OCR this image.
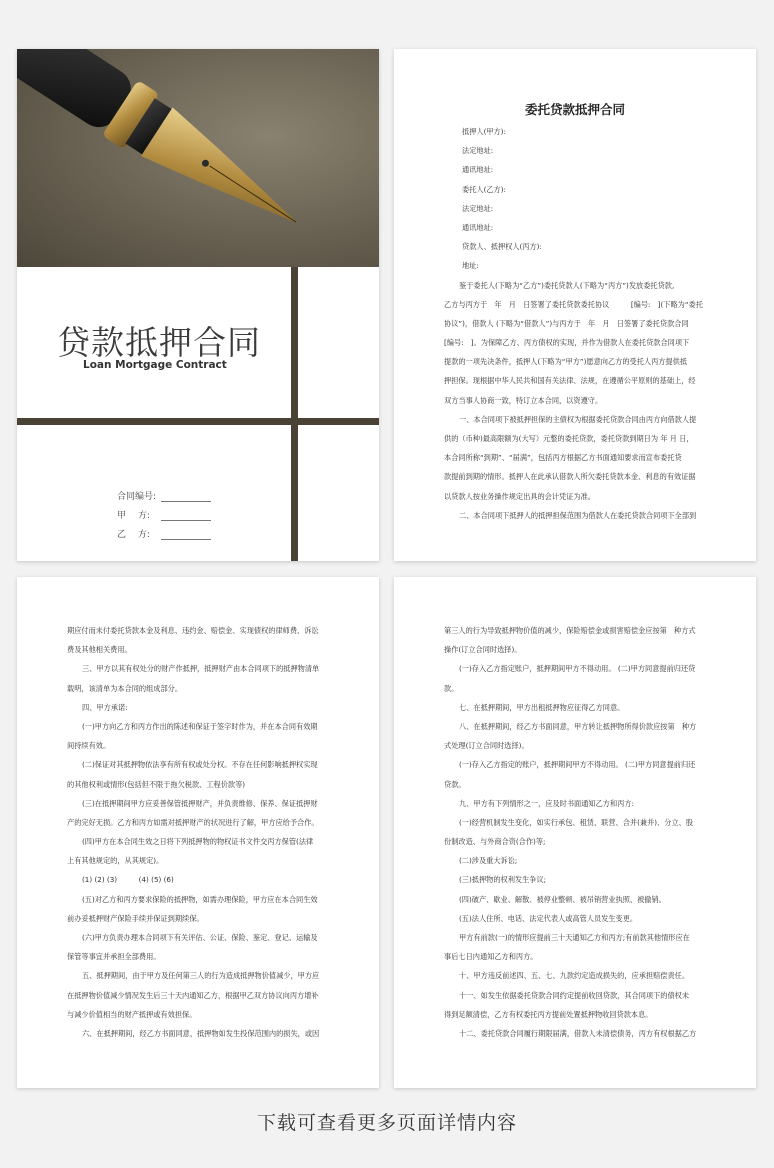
贷款抵押合同
Loan Mortgage Contract
合同编号:
甲　 方:
乙　 方:
委托贷款抵押合同
抵押人(甲方):
法定地址:
通讯地址:
委托人(乙方):
法定地址:
通讯地址:
贷款人、抵押权人(丙方):
地址:
鉴于委托人(下略为“乙方”)委托贷款人(下略为“丙方”)发放委托贷款,
乙方与丙方于　年　月　日签署了委托贷款委托协议　　　[编号:　](下略为“委托
协议”)，借款人 (下略为“借款人”)与丙方于　年　月　日签署了委托贷款合同
[编号:　]。为保障乙方、丙方债权的实现，并作为借款人在委托贷款合同项下
提款的一项先决条件，抵押人(下略为“甲方”)愿意向乙方的受托人丙方提供抵
押担保。现根据中华人民共和国有关法律、法规，在遵循公平原则的基础上，经
双方当事人协商一致，特订立本合同，以资遵守。
一、本合同项下被抵押担保的主债权为根据委托贷款合同由丙方向借款人提
供的（币种)最高限额为(大写）元整的委托贷款，委托贷款到期日为 年 月 日，
本合同所称“到期”、“届满”，包括丙方根据乙方书面通知要求而宣布委托贷
款提前到期的情形。抵押人在此承认借款人所欠委托贷款本金、利息的有效证据
以贷款人按业务操作规定出具的会计凭证为准。
二、本合同项下抵押人的抵押担保范围为借款人在委托贷款合同项下全部到
期应付而未付委托贷款本金及利息、违约金、赔偿金、实现债权的律师费、诉讼
费及其他相关费用。
三、甲方以其有权处分的财产作抵押，抵押财产由本合同项下的抵押物清单
载明，该清单为本合同的组成部分。
四、甲方承诺:
(一)甲方向乙方和丙方作出的陈述和保证于签字时作为，并在本合同有效期
间持续有效。
(二)保证对其抵押物依法享有所有权或处分权。不存在任何影响抵押权实现
的其他权利或情形(包括但不限于拖欠税款、工程价款等)
(三)在抵押期间甲方应妥善保管抵押财产，并负责维修、保养、保证抵押财
产的完好无损。乙方和丙方如需对抵押财产的状况进行了解，甲方应给予合作。
(四)甲方在本合同生效之日将下列抵押物的物权证书文件交丙方保管(法律
上有其他规定的，从其规定)。
(1) (2) (3)　　　(4) (5) (6)
(五)对乙方和丙方要求保险的抵押物，如需办理保险，甲方应在本合同生效
前办妥抵押财产保险手续并保证到期续保。
(六)甲方负责办理本合同项下有关评估、公证、保险、鉴定、登记、运输及
保管等事宜并承担全部费用。
五、抵押期间，由于甲方及任何第三人的行为造成抵押物价值减少，甲方应
在抵押物价值减少情况发生后三十天内通知乙方，根据甲乙双方协议向丙方增补
与减少价值相当的财产抵押或有效担保。
六、在抵押期间，经乙方书面同意，抵押物如发生投保范围内的损失，或因
第三人的行为导致抵押物价值的减少，保险赔偿金或损害赔偿金应按第　种方式
操作(订立合同时选择)。
(一)存入乙方指定账户，抵押期间甲方不得动用。 (二)甲方同意提前归还贷
款。
七、在抵押期间，甲方出租抵押物应征得乙方同意。
八、在抵押期间，经乙方书面同意，甲方转让抵押物所得价款应按第　种方
式处理(订立合同时选择)。
(一)存入乙方指定的账户，抵押期间甲方不得动用。 (二)甲方同意提前归还
贷款。
九、甲方有下列情形之一，应及时书面通知乙方和丙方:
(一)经营机制发生变化，如实行承包、租赁、联营、合并(兼并)、分立、股
份制改造、与外商合资(合作)等;
(二)涉及重大诉讼;
(三)抵押物的权利发生争议;
(四)破产、歇业、解散、被停业整顿、被吊销营业执照、被撤销。
(五)法人住所、电话、法定代表人或高管人员发生变更。
甲方有前款(一)的情形应提前三十天通知乙方和丙方;有前款其他情形应在
事后七日内通知乙方和丙方。
十、甲方违反前述四、五、七、九款约定造成损失的，应承担赔偿责任。
十一、如发生依据委托贷款合同约定提前收回贷款，其合同项下的债权未
得到足额清偿，乙方有权委托丙方提前处置抵押物收回贷款本息。
十二、委托贷款合同履行期限届满，借款人未清偿债务，丙方有权根据乙方
下载可查看更多页面详情内容
